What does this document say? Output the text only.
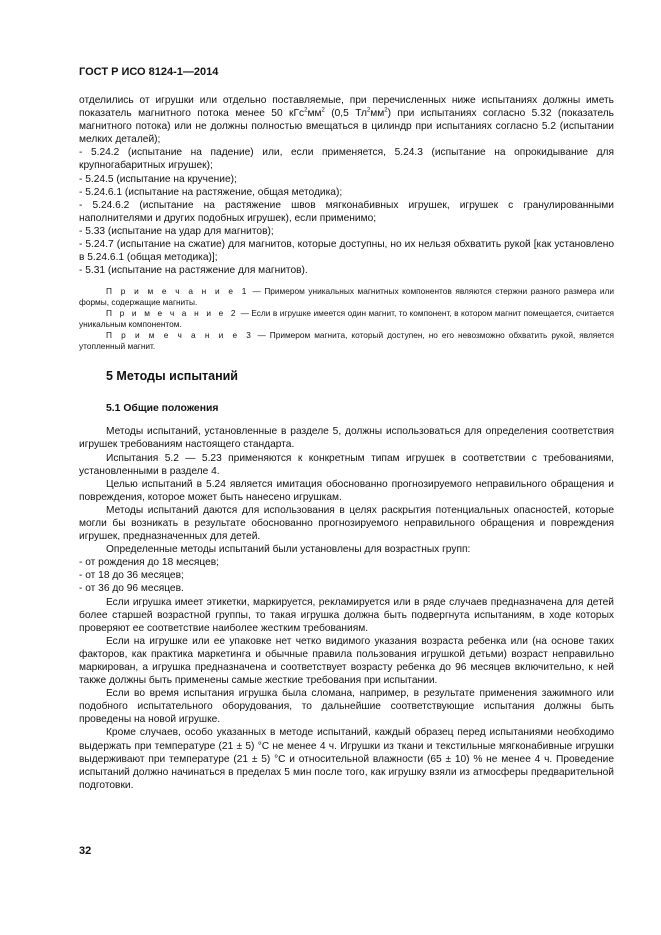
ГОСТ Р ИСО 8124-1—2014

отделились от игрушки или отдельно поставляемые, при перечисленных ниже испытаниях должны иметь показатель магнитного потока менее 50 $кГс^2мм^2$ (0,5 $Тл^2мм^2$) при испытаниях согласно 5.32 (показатель магнитного потока) или не должны полностью вмещаться в цилиндр при испытаниях согласно 5.2 (испытании мелких деталей);

- 5.24.2 (испытание на падение) или, если применяется, 5.24.3 (испытание на опрокидывание для крупногабаритных игрушек);

- 5.24.5 (испытание на кручение);

- 5.24.6.1 (испытание на растяжение, общая методика);

- 5.24.6.2 (испытание на растяжение швов мягконабивных игрушек, игрушек с гранулированными наполнителями и других подобных игрушек), если применимо;

- 5.33 (испытание на удар для магнитов);

- 5.24.7 (испытание на сжатие) для магнитов, которые доступны, но их нельзя обхватить рукой [как установлено в 5.24.6.1 (общая методика)];

- 5.31 (испытание на растяжение для магнитов).

П р и м е ч а н и е 1 — Примером уникальных магнитных компонентов являются стержни разного размера или формы, содержащие магниты.

П р и м е ч а н и е 2 — Если в игрушке имеется один магнит, то компонент, в котором магнит помещается, считается уникальным компонентом.

П р и м е ч а н и е 3 — Примером магнита, который доступен, но его невозможно обхватить рукой, является утопленный магнит.

5 Методы испытаний
5.1 Общие положения

Методы испытаний, установленные в разделе 5, должны использоваться для определения соответствия игрушек требованиям настоящего стандарта.

Испытания 5.2 — 5.23 применяются к конкретным типам игрушек в соответствии с требованиями, установленными в разделе 4.

Целью испытаний в 5.24 является имитация обоснованно прогнозируемого неправильного обращения и повреждения, которое может быть нанесено игрушкам.

Методы испытаний даются для использования в целях раскрытия потенциальных опасностей, которые могли бы возникать в результате обоснованно прогнозируемого неправильного обращения и повреждения игрушек, предназначенных для детей.

Определенные методы испытаний были установлены для возрастных групп:

- от рождения до 18 месяцев;

- от 18 до 36 месяцев;

- от 36 до 96 месяцев.

Если игрушка имеет этикетки, маркируется, рекламируется или в ряде случаев предназначена для детей более старшей возрастной группы, то такая игрушка должна быть подвергнута испытаниям, в ходе которых проверяют ее соответствие наиболее жестким требованиям.

Если на игрушке или ее упаковке нет четко видимого указания возраста ребенка или (на основе таких факторов, как практика маркетинга и обычные правила пользования игрушкой детьми) возраст неправильно маркирован, а игрушка предназначена и соответствует возрасту ребенка до 96 месяцев включительно, к ней также должны быть применены самые жесткие требования при испытании.

Если во время испытания игрушка была сломана, например, в результате применения зажимного или подобного испытательного оборудования, то дальнейшие соответствующие испытания должны быть проведены на новой игрушке.

Кроме случаев, особо указанных в методе испытаний, каждый образец перед испытаниями необходимо выдержать при температуре (21 ± 5) °С не менее 4 ч. Игрушки из ткани и текстильные мягконабивные игрушки выдерживают при температуре (21 ± 5) °С и относительной влажности (65 ± 10) % не менее 4 ч. Проведение испытаний должно начинаться в пределах 5 мин после того, как игрушку взяли из атмосферы предварительной подготовки.

32
